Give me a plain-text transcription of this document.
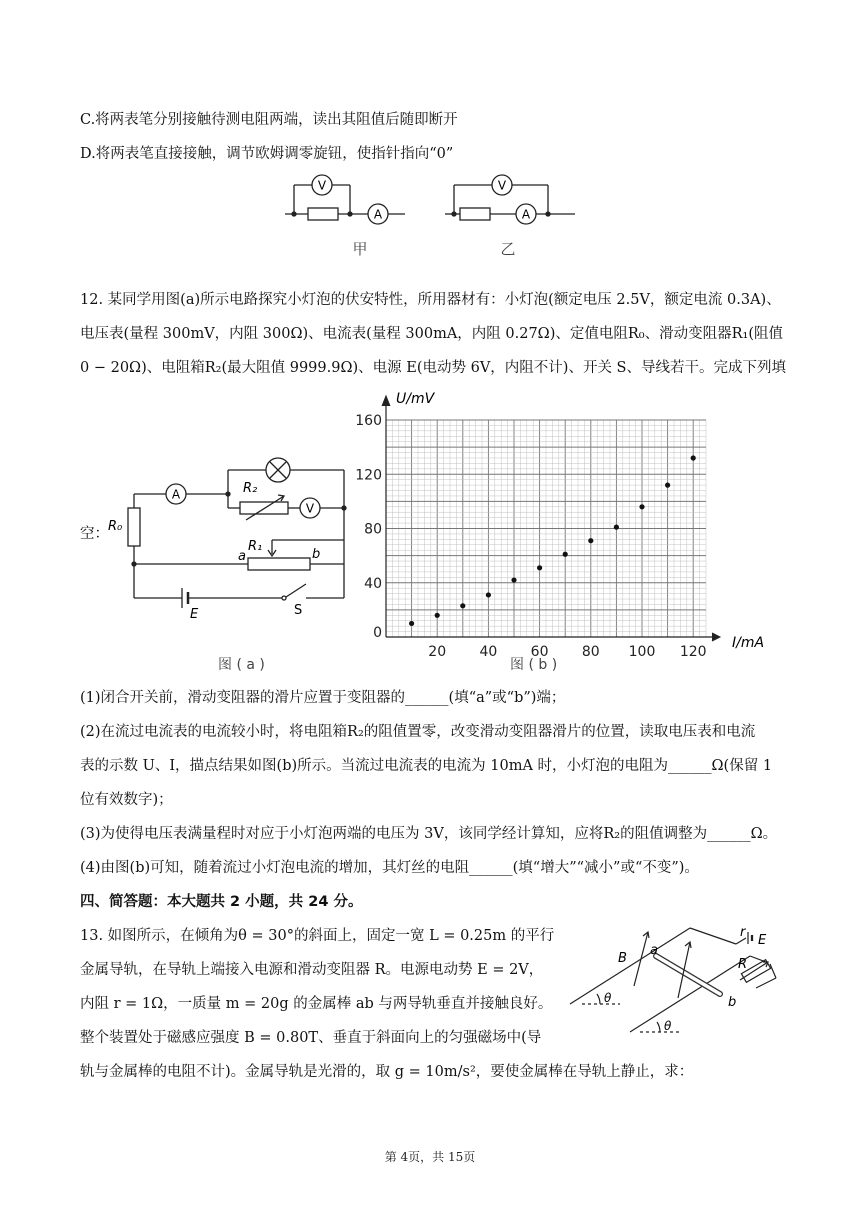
C.将两表笔分别接触待测电阻两端，读出其阻值后随即断开
D.将两表笔直接接触，调节欧姆调零旋钮，使指针指向“0”
V
A
V
A
甲	乙
12. 某同学用图(a)所示电路探究小灯泡的伏安特性，所用器材有：小灯泡(额定电压 2.5V，额定电流 0.3A)、
电压表(量程 300mV，内阻 300Ω)、电流表(量程 300mA，内阻 0.27Ω)、定值电阻R₀、滑动变阻器R₁(阻值
0 − 20Ω)、电阻箱R₂(最大阻值 9999.9Ω)、电源 E(电动势 6V，内阻不计)、开关 S、导线若干。完成下列填
空：
A
V
R₀
R₂
R₁
a	b
E	S
图 ( a )
20 40 60 80 100 120
0
40
80
120
160
U/mV
I/mA
图 ( b )
(1)闭合开关前，滑动变阻器的滑片应置于变阻器的______(填“a”或“b”)端；
(2)在流过电流表的电流较小时，将电阻箱R₂的阻值置零，改变滑动变阻器滑片的位置，读取电压表和电流
表的示数 U、I，描点结果如图(b)所示。当流过电流表的电流为 10mA 时，小灯泡的电阻为______Ω(保留 1
位有效数字)；
(3)为使得电压表满量程时对应于小灯泡两端的电压为 3V，该同学经计算知，应将R₂的阻值调整为______Ω。
(4)由图(b)可知，随着流过小灯泡电流的增加，其灯丝的电阻______(填“增大”“减小”或“不变”)。
四、简答题：本大题共 2 小题，共 24 分。
13. 如图所示，在倾角为θ = 30°的斜面上，固定一宽 L = 0.25m 的平行
金属导轨，在导轨上端接入电源和滑动变阻器 R。电源电动势 E = 2V，
内阻 r = 1Ω，一质量 m = 20g 的金属棒 ab 与两导轨垂直并接触良好。
整个装置处于磁感应强度 B = 0.80T、垂直于斜面向上的匀强磁场中(导
轨与金属棒的电阻不计)。金属导轨是光滑的，取 g = 10m/s²，要使金属棒在导轨上静止，求：
B
a
b
r
E
R
θ
θ
第 4页，共 15页
